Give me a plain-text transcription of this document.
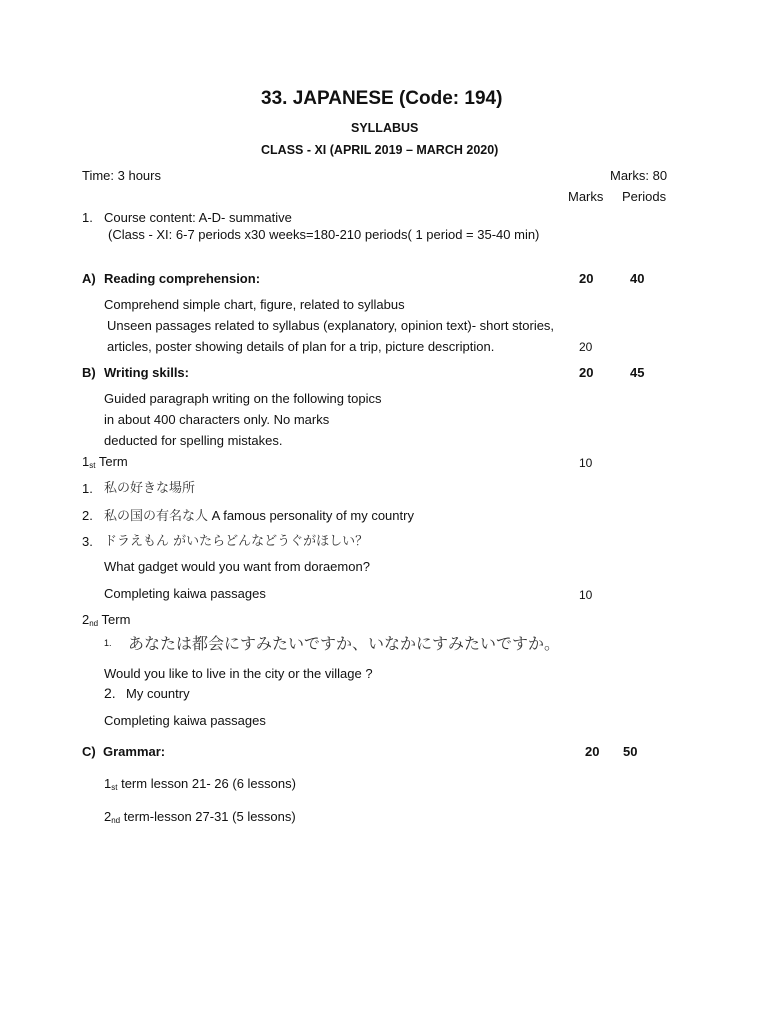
33. JAPANESE (Code: 194)
SYLLABUS
CLASS - XI (APRIL 2019 – MARCH 2020)
Time: 3 hours	Marks: 80
Marks Periods
1. Course content: A-D- summative
(Class - XI: 6-7 periods x30 weeks=180-210 periods( 1 period = 35-40 min)
A) Reading comprehension:	20	40
Comprehend simple chart, figure, related to syllabus
Unseen passages related to syllabus (explanatory, opinion text)- short stories,
articles, poster showing details of plan for a trip, picture description.	20
B) Writing skills:	20	45
Guided paragraph writing on the following topics
in about 400 characters only. No marks
deducted for spelling mistakes.
1st Term	10
1. 私の好きな場所
2. 私の国の有名な人 A famous personality of my country
3. ドラえもん がいたらどんなどうぐがほしい？
What gadget would you want from doraemon?
Completing kaiwa passages	10
2nd Term
1. あなたは都会にすみたいですか、いなかにすみたいですか。
Would you like to live in the city or the village ?
2. My country
Completing kaiwa passages
C) Grammar:	20 50
1st term lesson 21- 26 (6 lessons)
2nd term-lesson 27-31 (5 lessons)
